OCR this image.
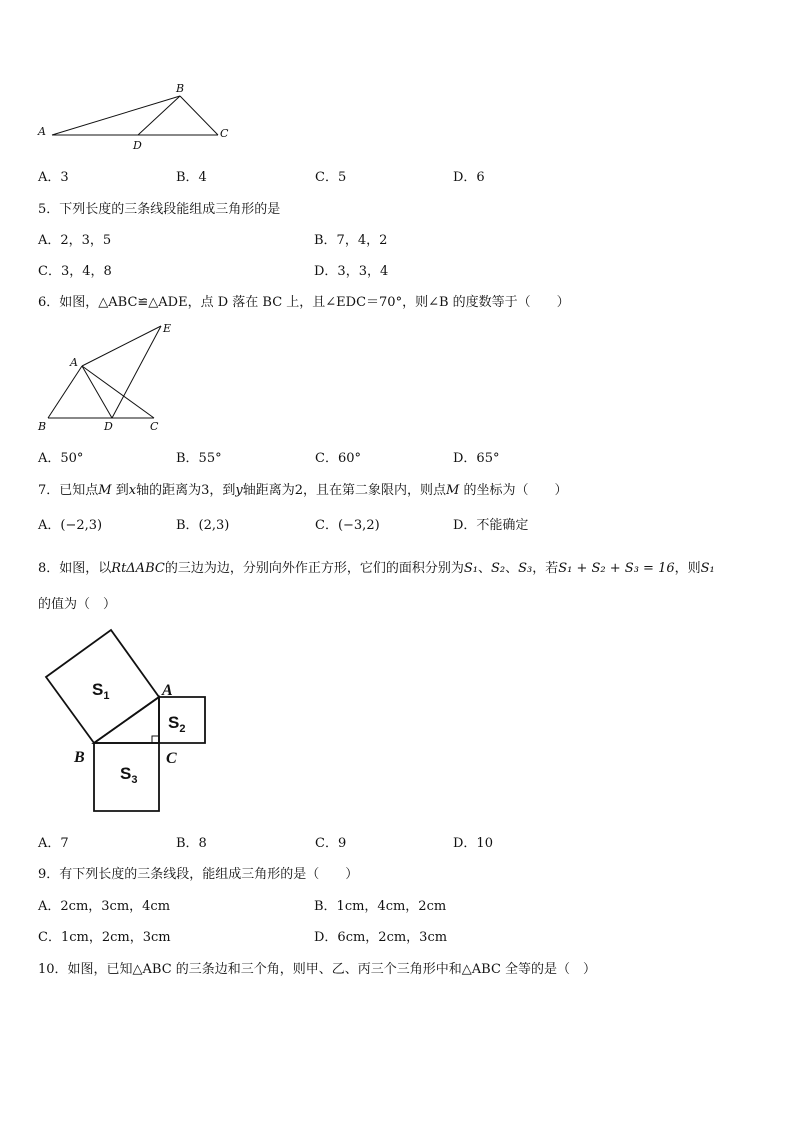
A
B
C
D
A．3	B．4	C．5	D．6
5．下列长度的三条线段能组成三角形的是
A．2，3，5	B．7，4，2
C．3，4，8	D．3，3，4
6．如图，△ABC≌△ADE，点 D 落在 BC 上，且∠EDC＝70°，则∠B 的度数等于（　　）
A
B	C
D
E
A．50°	B．55°	C．60°	D．65°
7．已知点M 到x轴的距离为3，到y轴距离为2，且在第二象限内，则点M 的坐标为（　　）
A．(−2,3)	B．(2,3)	C．(−3,2)	D．不能确定
8．如图，以RtΔABC的三边为边，分别向外作正方形，它们的面积分别为S₁、S₂、S₃，若S₁ + S₂ + S₃ = 16，则S₁
的值为（　）
$S_1$
$S_2$
$S_3$
A
B	C
A．7	B．8	C．9	D．10
9．有下列长度的三条线段，能组成三角形的是（　　）
A．2cm，3cm，4cm	B．1cm，4cm，2cm
C．1cm，2cm，3cm	D．6cm，2cm，3cm
10．如图，已知△ABC 的三条边和三个角，则甲、乙、丙三个三角形中和△ABC 全等的是（　）
